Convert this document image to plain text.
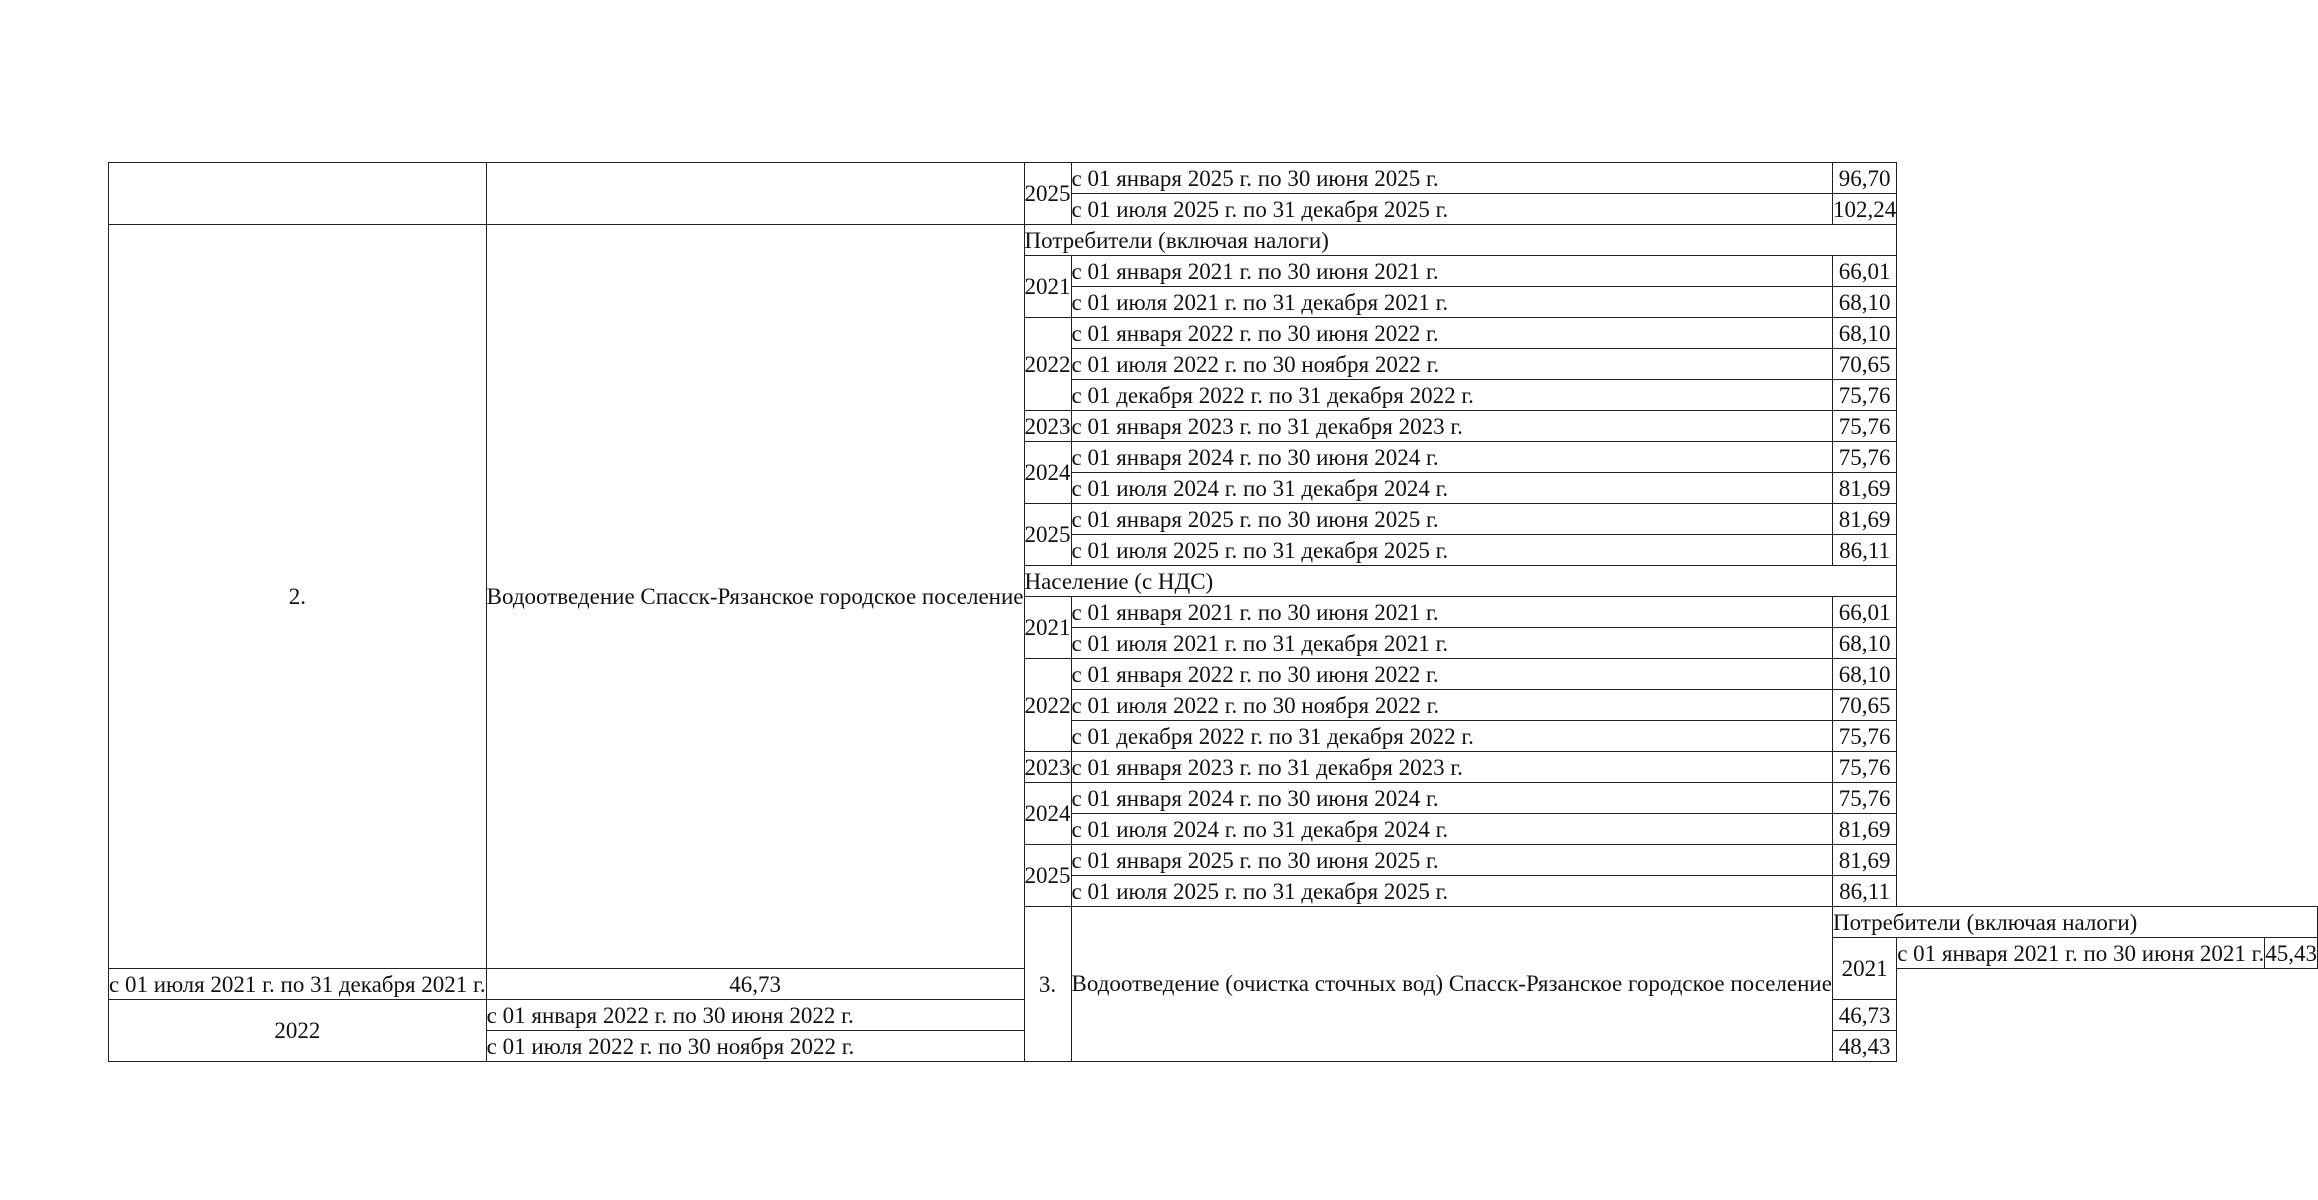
		2025	с 01 января 2025 г. по 30 июня 2025 г.	96,70		
			с 01 июля 2025 г. по 31 декабря 2025 г.	102,24		
2.	Водоотведение Спасск-Рязанское городское поселение	Потребители (включая налоги)				
		2021	с 01 января 2021 г. по 30 июня 2021 г.	66,01		
			с 01 июля 2021 г. по 31 декабря 2021 г.	68,10		
		2022	с 01 января 2022 г. по 30 июня 2022 г.	68,10		
			с 01 июля 2022 г. по 30 ноября 2022 г.	70,65		
			с 01 декабря 2022 г. по 31 декабря 2022 г.	75,76		
		2023	с 01 января 2023 г. по 31 декабря 2023 г.	75,76		
		2024	с 01 января 2024 г. по 30 июня 2024 г.	75,76		
			с 01 июля 2024 г. по 31 декабря 2024 г.	81,69		
		2025	с 01 января 2025 г. по 30 июня 2025 г.	81,69		
			с 01 июля 2025 г. по 31 декабря 2025 г.	86,11		
		Население (с НДС)				
		2021	с 01 января 2021 г. по 30 июня 2021 г.	66,01		
			с 01 июля 2021 г. по 31 декабря 2021 г.	68,10		
		2022	с 01 января 2022 г. по 30 июня 2022 г.	68,10		
			с 01 июля 2022 г. по 30 ноября 2022 г.	70,65		
			с 01 декабря 2022 г. по 31 декабря 2022 г.	75,76		
		2023	с 01 января 2023 г. по 31 декабря 2023 г.	75,76		
		2024	с 01 января 2024 г. по 30 июня 2024 г.	75,76		
			с 01 июля 2024 г. по 31 декабря 2024 г.	81,69		
		2025	с 01 января 2025 г. по 30 июня 2025 г.	81,69		
			с 01 июля 2025 г. по 31 декабря 2025 г.	86,11		
		3.	Водоотведение (очистка сточных вод) Спасск-Рязанское городское поселение	Потребители (включая налоги)		
				2021	с 01 января 2021 г. по 30 июня 2021 г.	45,43
с 01 июля 2021 г. по 31 декабря 2021 г.	46,73					
2022	с 01 января 2022 г. по 30 июня 2022 г.			46,73		
	с 01 июля 2022 г. по 30 ноября 2022 г.			48,43		
